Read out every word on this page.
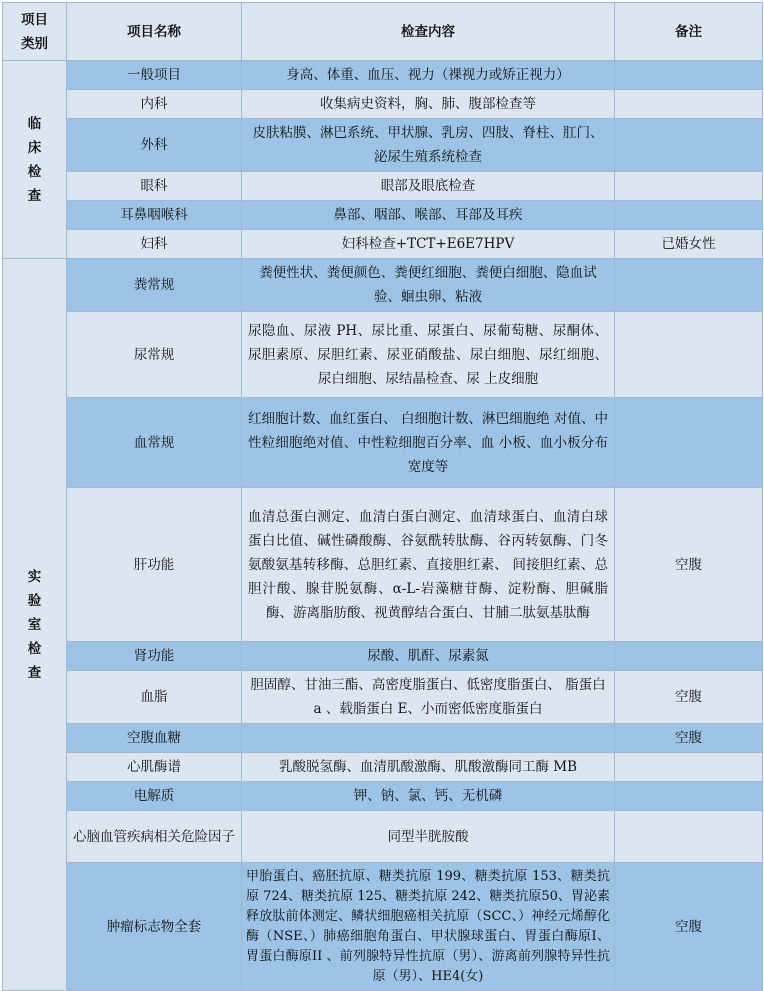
项目
类别	项目名称	检查内容	备注
临床检查	一般项目	身高、体重、血压、视力（裸视力或矫正视力）	
	内科	收集病史资料，胸、肺、腹部检查等	
	外科	皮肤粘膜、淋巴系统、甲状腺、乳房、四肢、脊柱、肛门、泌尿生殖系统检查	
	眼科	眼部及眼底检查	
	耳鼻咽喉科	鼻部、咽部、喉部、耳部及耳疾	
	妇科	妇科检查+TCT+E6E7HPV	已婚女性
实验室检查	粪常规	粪便性状、粪便颜色、粪便红细胞、粪便白细胞、隐血试验、蛔虫卵、粘液	
	尿常规	尿隐血、尿液 PH、尿比重、尿蛋白、尿葡萄糖、尿酮体、尿胆素原、尿胆红素、尿亚硝酸盐、尿白细胞、尿红细胞、尿白细胞、尿结晶检查、尿 上皮细胞	
	血常规	红细胞计数、血红蛋白、 白细胞计数、淋巴细胞绝 对值、中性粒细胞绝对值、中性粒细胞百分率、血 小板、血小板分布宽度等	
	肝功能	血清总蛋白测定、血清白蛋白测定、血清球蛋白、血清白球蛋白比值、碱性磷酸酶、谷氨酰转肽酶、谷丙转氨酶、门冬氨酸氨基转移酶、总胆红素、直接胆红素、 间接胆红素、总胆汁酸、腺苷脱氨酶、α-L-岩藻糖苷酶、淀粉酶、胆碱脂酶、游离脂肪酸、视黄醇结合蛋白、甘脯二肽氨基肽酶	空腹
	肾功能	尿酸、肌酐、尿素氮	
	血脂	胆固醇、甘油三酯、高密度脂蛋白、低密度脂蛋白、 脂蛋白 a 、载脂蛋白 E、小而密低密度脂蛋白	空腹
	空腹血糖		空腹
	心肌酶谱	乳酸脱氢酶、血清肌酸激酶、肌酸激酶同工酶 MB	
	电解质	钾、钠、氯、钙、无机磷	
	心脑血管疾病相关危险因子	同型半胱胺酸	
	肿瘤标志物全套	甲胎蛋白、癌胚抗原、糖类抗原 199、糖类抗原 153、糖类抗原 724、糖类抗原 125、糖类抗原 242、糖类抗原50、胃泌素释放肽前体测定、鳞状细胞癌相关抗原（SCC、）神经元烯醇化酶（NSE、）肺癌细胞角蛋白、甲状腺球蛋白、胃蛋白酶原Ⅰ、胃蛋白酶原II 、前列腺特异性抗原（男）、游离前列腺特异性抗原（男）、HE4(女)	空腹
